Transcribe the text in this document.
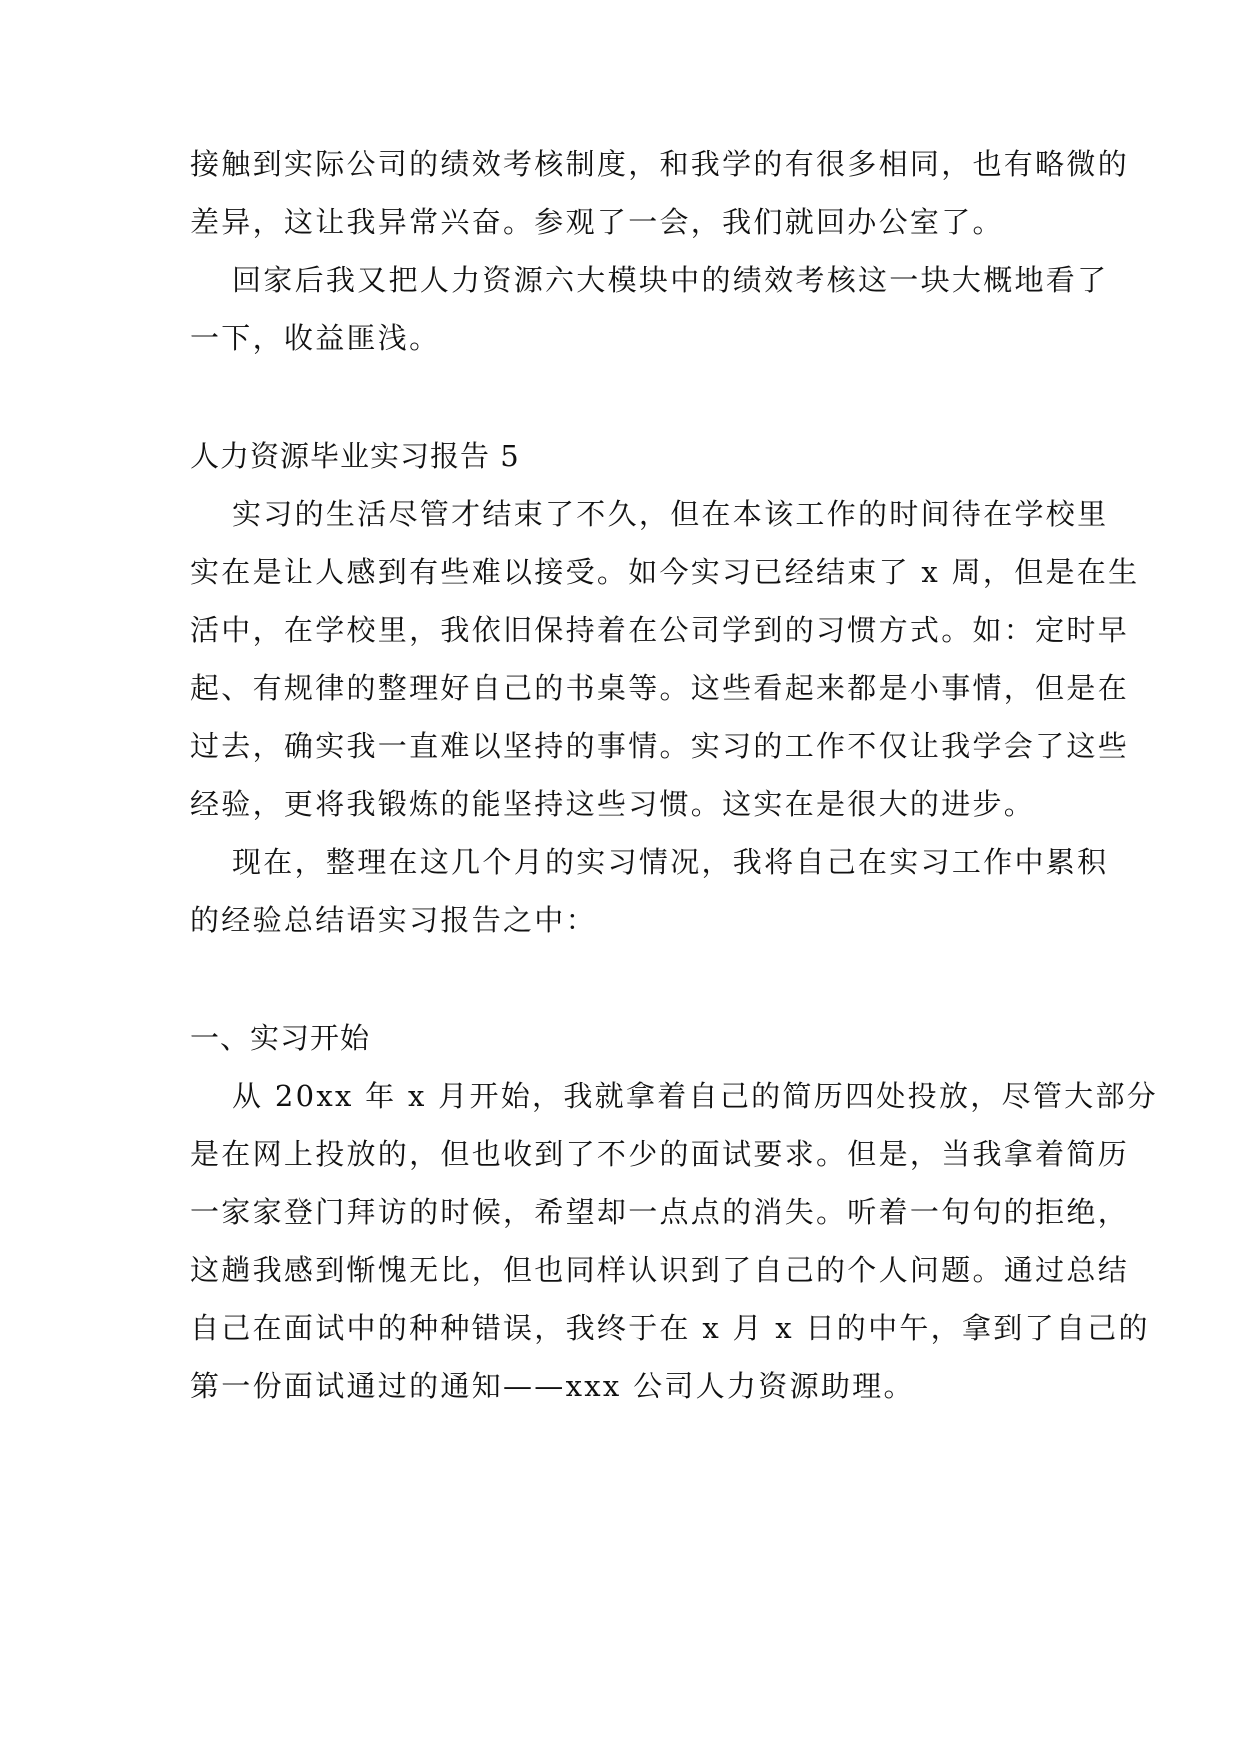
接触到实际公司的绩效考核制度，和我学的有很多相同，也有略微的
差异，这让我异常兴奋。参观了一会，我们就回办公室了。
回家后我又把人力资源六大模块中的绩效考核这一块大概地看了
一下，收益匪浅。
人力资源毕业实习报告 5
实习的生活尽管才结束了不久，但在本该工作的时间待在学校里
实在是让人感到有些难以接受。如今实习已经结束了 x 周，但是在生
活中，在学校里，我依旧保持着在公司学到的习惯方式。如：定时早
起、有规律的整理好自己的书桌等。这些看起来都是小事情，但是在
过去，确实我一直难以坚持的事情。实习的工作不仅让我学会了这些
经验，更将我锻炼的能坚持这些习惯。这实在是很大的进步。
现在，整理在这几个月的实习情况，我将自己在实习工作中累积
的经验总结语实习报告之中：
一、实习开始
从 20xx 年 x 月开始，我就拿着自己的简历四处投放，尽管大部分
是在网上投放的，但也收到了不少的面试要求。但是，当我拿着简历
一家家登门拜访的时候，希望却一点点的消失。听着一句句的拒绝，
这趟我感到惭愧无比，但也同样认识到了自己的个人问题。通过总结
自己在面试中的种种错误，我终于在 x 月 x 日的中午，拿到了自己的
第一份面试通过的通知——xxx 公司人力资源助理。
